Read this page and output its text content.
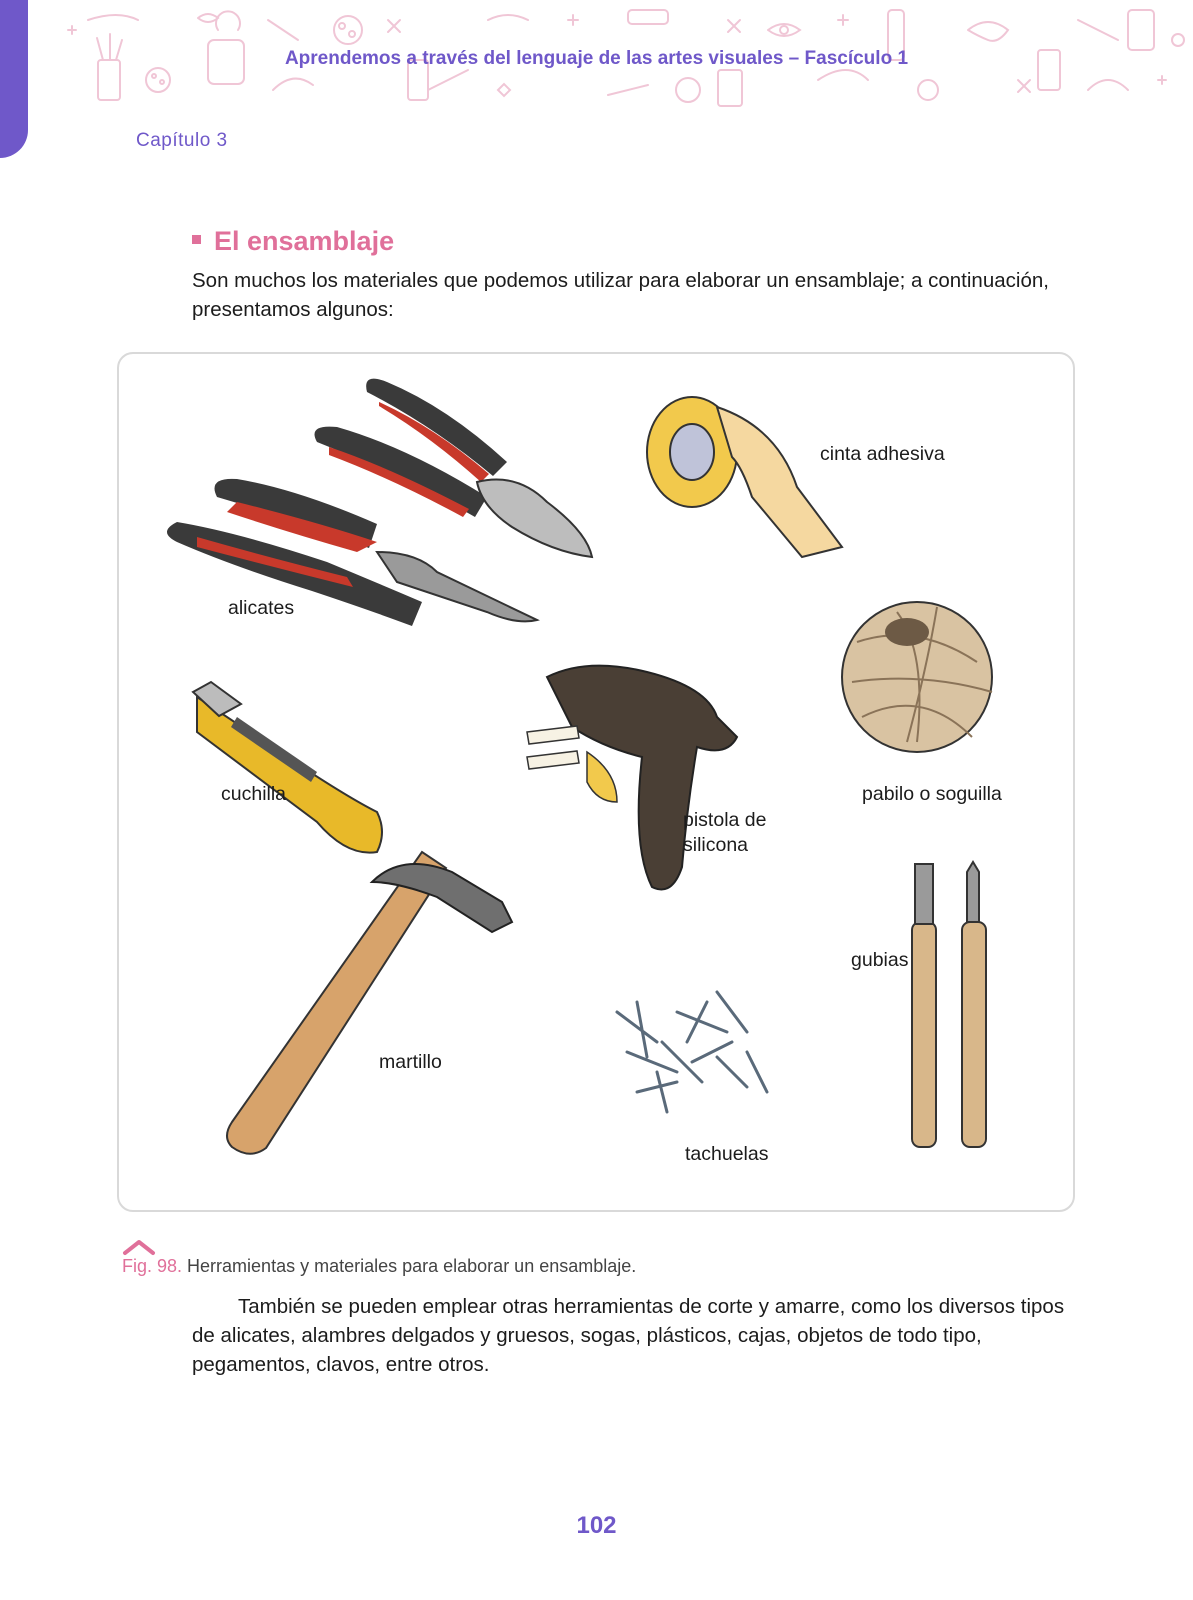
Aprendemos a través del lenguaje de las artes visuales – Fascículo 1
Capítulo 3
El ensamblaje
Son muchos los materiales que podemos utilizar para elaborar un ensamblaje; a continuación, presentamos algunos:
alicates
cinta adhesiva
cuchilla
pistola de
silicona
pabilo o soguilla
gubias
martillo
tachuelas
Fig. 98. Herramientas y materiales para elaborar un ensamblaje.
También se pueden emplear otras herramientas de corte y amarre, como los diversos tipos de alicates, alambres delgados y gruesos, sogas, plásticos, cajas, objetos de todo tipo, pegamentos, clavos, entre otros.
102
